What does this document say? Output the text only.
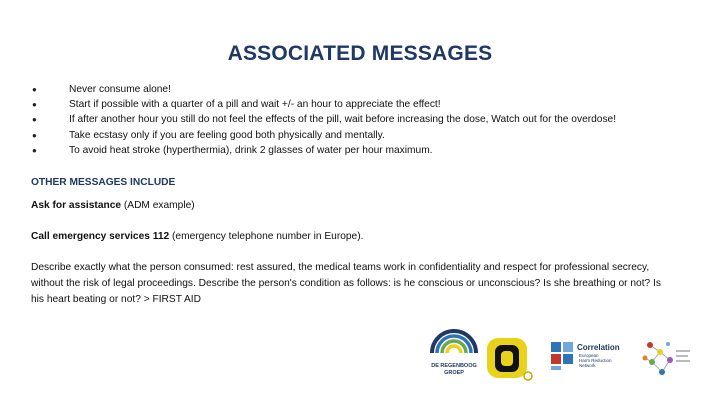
ASSOCIATED MESSAGES
●	Never consume alone!
●	Start if possible with a quarter of a pill and wait +/- an hour to appreciate the effect!
●	If after another hour you still do not feel the effects of the pill, wait before increasing the dose, Watch out for the overdose!
●	Take ecstasy only if you are feeling good both physically and mentally.
●	To avoid heat stroke (hyperthermia), drink 2 glasses of water per hour maximum.
OTHER MESSAGES INCLUDE
Ask for assistance (ADM example)
Call emergency services 112 (emergency telephone number in Europe).
Describe exactly what the person consumed: rest assured, the medical teams work in confidentiality and respect for professional secrecy, without the risk of legal proceedings. Describe the person's condition as follows: is he conscious or unconscious? Is she breathing or not? Is his heart beating or not? > FIRST AID
DE REGENBOOG
GROEP
Correlation
European
Harm Reduction
Network
